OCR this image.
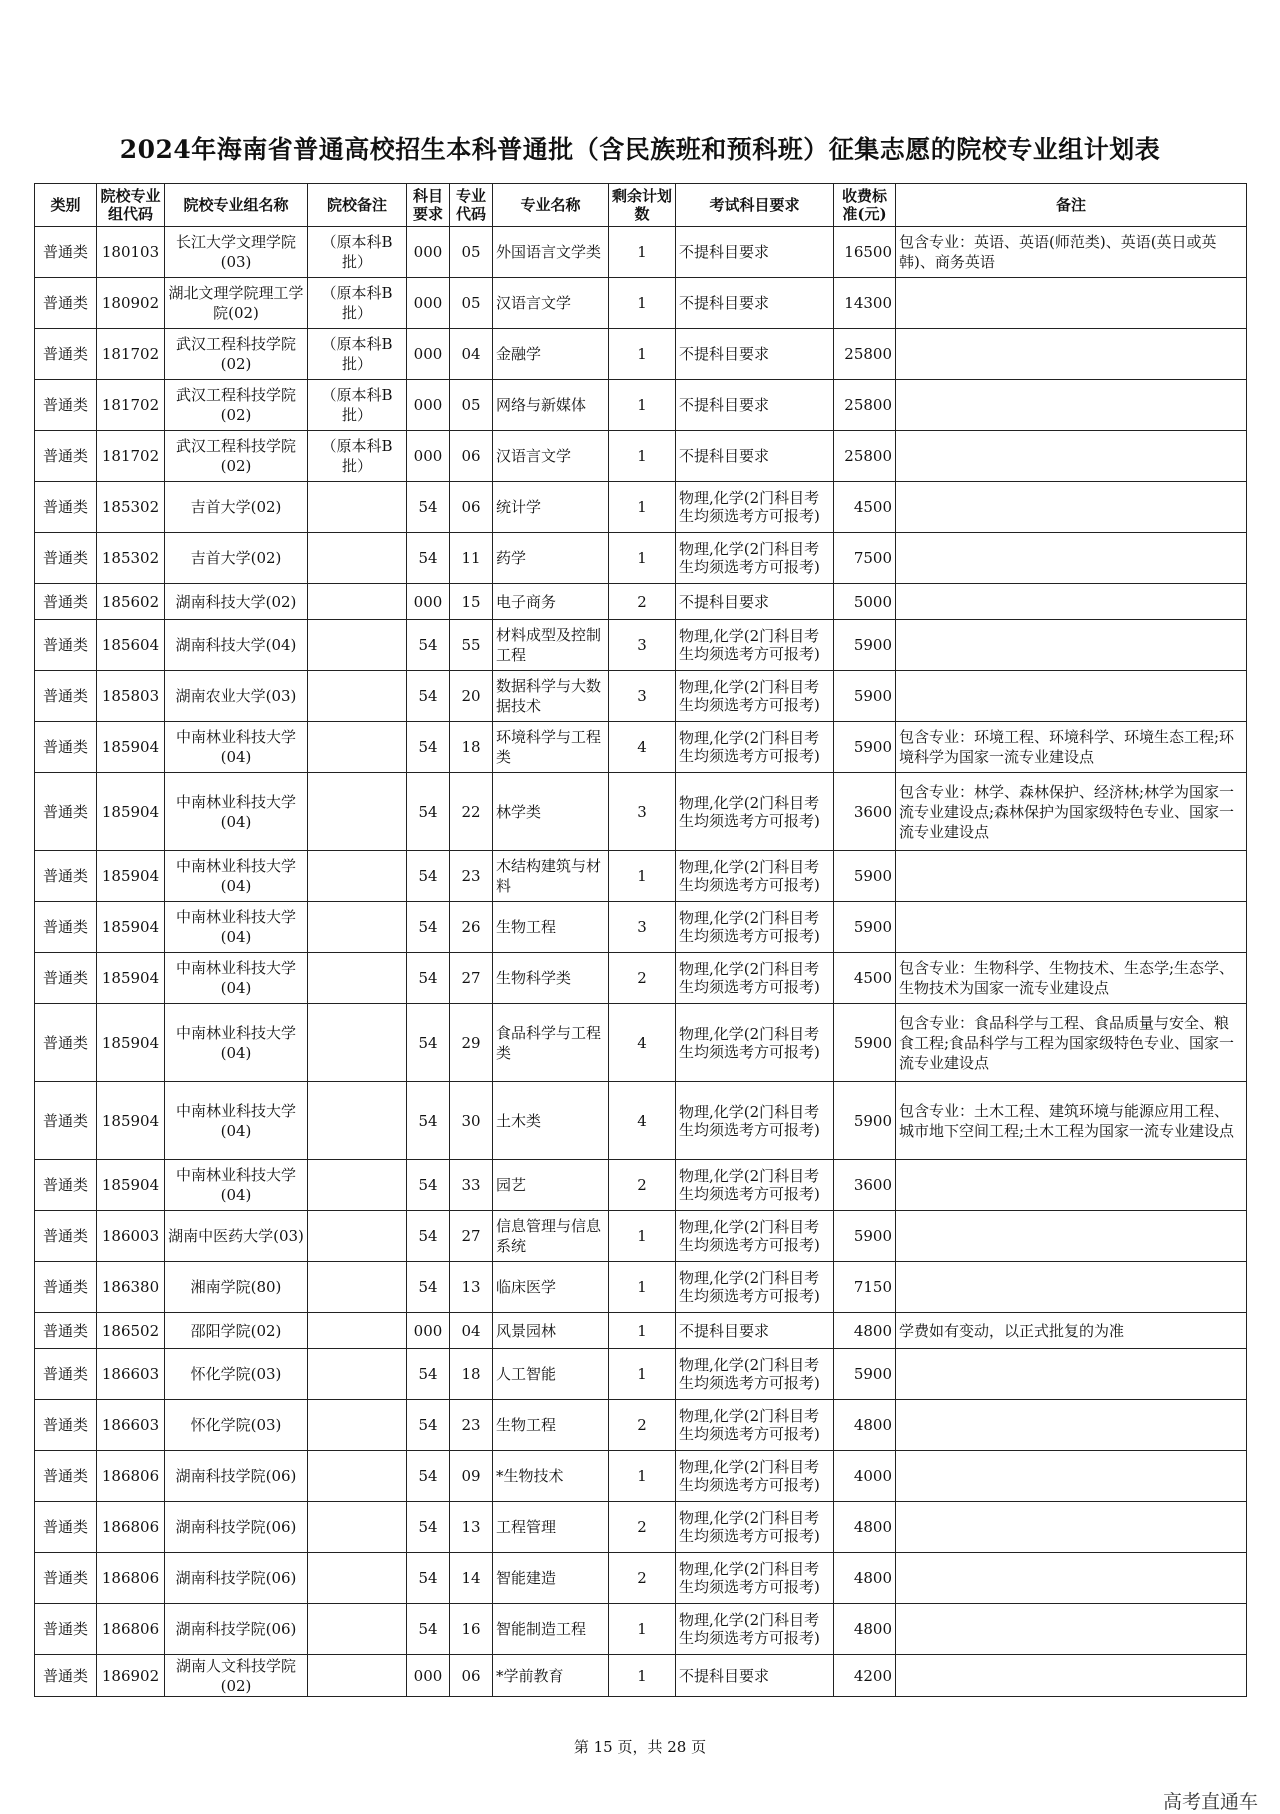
2024年海南省普通高校招生本科普通批（含民族班和预科班）征集志愿的院校专业组计划表
类别	院校专业组代码	院校专业组名称	院校备注	科目要求	专业代码	专业名称	剩余计划数	考试科目要求	收费标准(元)	备注

普通类	180103	长江大学文理学院(03)	（原本科B批）	000	05	外国语言文学类	1	不提科目要求	16500	包含专业：英语、英语(师范类)、英语(英日或英韩)、商务英语

普通类	180902	湖北文理学院理工学院(02)	（原本科B批）	000	05	汉语言文学	1	不提科目要求	14300	

普通类	181702	武汉工程科技学院(02)	（原本科B批）	000	04	金融学	1	不提科目要求	25800	

普通类	181702	武汉工程科技学院(02)	（原本科B批）	000	05	网络与新媒体	1	不提科目要求	25800	

普通类	181702	武汉工程科技学院(02)	（原本科B批）	000	06	汉语言文学	1	不提科目要求	25800	

普通类	185302	吉首大学(02)		54	06	统计学	1	物理,化学(2门科目考生均须选考方可报考)	4500	

普通类	185302	吉首大学(02)		54	11	药学	1	物理,化学(2门科目考生均须选考方可报考)	7500	

普通类	185602	湖南科技大学(02)		000	15	电子商务	2	不提科目要求	5000	

普通类	185604	湖南科技大学(04)		54	55	材料成型及控制工程	3	物理,化学(2门科目考生均须选考方可报考)	5900	

普通类	185803	湖南农业大学(03)		54	20	数据科学与大数据技术	3	物理,化学(2门科目考生均须选考方可报考)	5900	

普通类	185904	中南林业科技大学(04)		54	18	环境科学与工程类	4	物理,化学(2门科目考生均须选考方可报考)	5900	包含专业：环境工程、环境科学、环境生态工程;环境科学为国家一流专业建设点

普通类	185904	中南林业科技大学(04)		54	22	林学类	3	物理,化学(2门科目考生均须选考方可报考)	3600	包含专业：林学、森林保护、经济林;林学为国家一流专业建设点;森林保护为国家级特色专业、国家一流专业建设点

普通类	185904	中南林业科技大学(04)		54	23	木结构建筑与材料	1	物理,化学(2门科目考生均须选考方可报考)	5900	

普通类	185904	中南林业科技大学(04)		54	26	生物工程	3	物理,化学(2门科目考生均须选考方可报考)	5900	

普通类	185904	中南林业科技大学(04)		54	27	生物科学类	2	物理,化学(2门科目考生均须选考方可报考)	4500	包含专业：生物科学、生物技术、生态学;生态学、生物技术为国家一流专业建设点

普通类	185904	中南林业科技大学(04)		54	29	食品科学与工程类	4	物理,化学(2门科目考生均须选考方可报考)	5900	包含专业：食品科学与工程、食品质量与安全、粮食工程;食品科学与工程为国家级特色专业、国家一流专业建设点

普通类	185904	中南林业科技大学(04)		54	30	土木类	4	物理,化学(2门科目考生均须选考方可报考)	5900	包含专业：土木工程、建筑环境与能源应用工程、城市地下空间工程;土木工程为国家一流专业建设点

普通类	185904	中南林业科技大学(04)		54	33	园艺	2	物理,化学(2门科目考生均须选考方可报考)	3600	

普通类	186003	湖南中医药大学(03)		54	27	信息管理与信息系统	1	物理,化学(2门科目考生均须选考方可报考)	5900	

普通类	186380	湘南学院(80)		54	13	临床医学	1	物理,化学(2门科目考生均须选考方可报考)	7150	

普通类	186502	邵阳学院(02)		000	04	风景园林	1	不提科目要求	4800	学费如有变动，以正式批复的为准

普通类	186603	怀化学院(03)		54	18	人工智能	1	物理,化学(2门科目考生均须选考方可报考)	5900	

普通类	186603	怀化学院(03)		54	23	生物工程	2	物理,化学(2门科目考生均须选考方可报考)	4800	

普通类	186806	湖南科技学院(06)		54	09	*生物技术	1	物理,化学(2门科目考生均须选考方可报考)	4000	

普通类	186806	湖南科技学院(06)		54	13	工程管理	2	物理,化学(2门科目考生均须选考方可报考)	4800	

普通类	186806	湖南科技学院(06)		54	14	智能建造	2	物理,化学(2门科目考生均须选考方可报考)	4800	

普通类	186806	湖南科技学院(06)		54	16	智能制造工程	1	物理,化学(2门科目考生均须选考方可报考)	4800	

普通类	186902	湖南人文科技学院(02)		000	06	*学前教育	1	不提科目要求	4200	

第 15 页，共 28 页
高考直通车
